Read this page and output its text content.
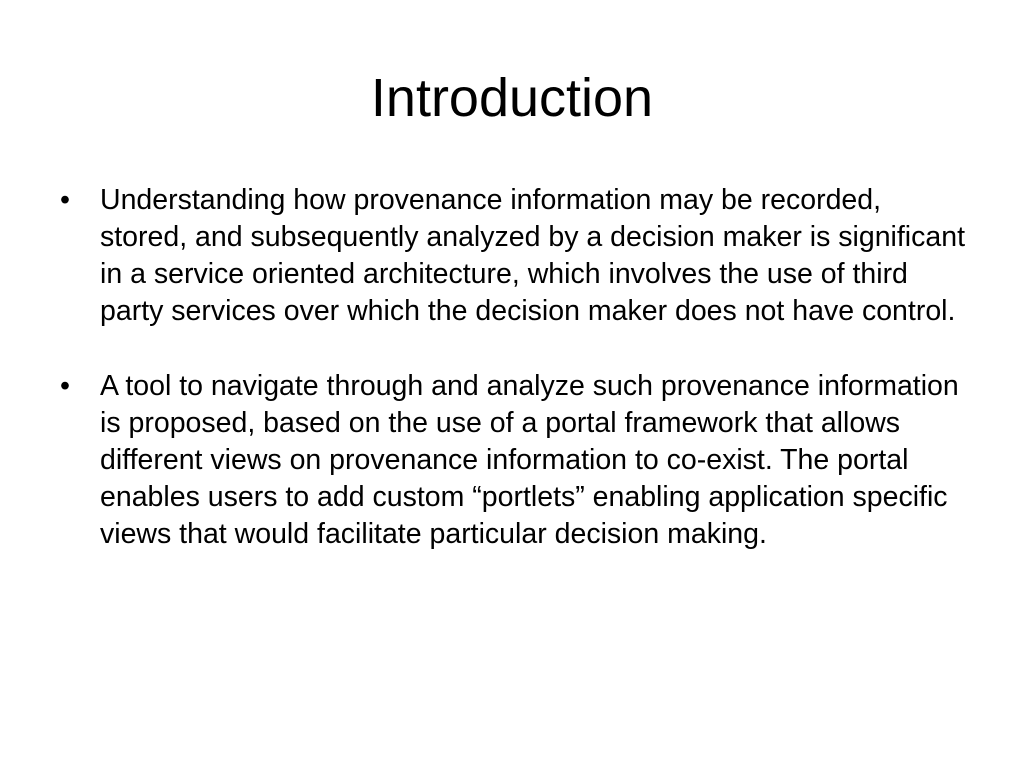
Introduction
•	Understanding how provenance information may be recorded, stored, and subsequently analyzed by a decision maker is significant in a service oriented architecture, which involves the use of third party services over which the decision maker does not have control.
•	A tool to navigate through and analyze such provenance information is proposed, based on the use of a portal framework that allows different views on provenance information to co-exist. The portal enables users to add custom “portlets” enabling application specific views that would facilitate particular decision making.
